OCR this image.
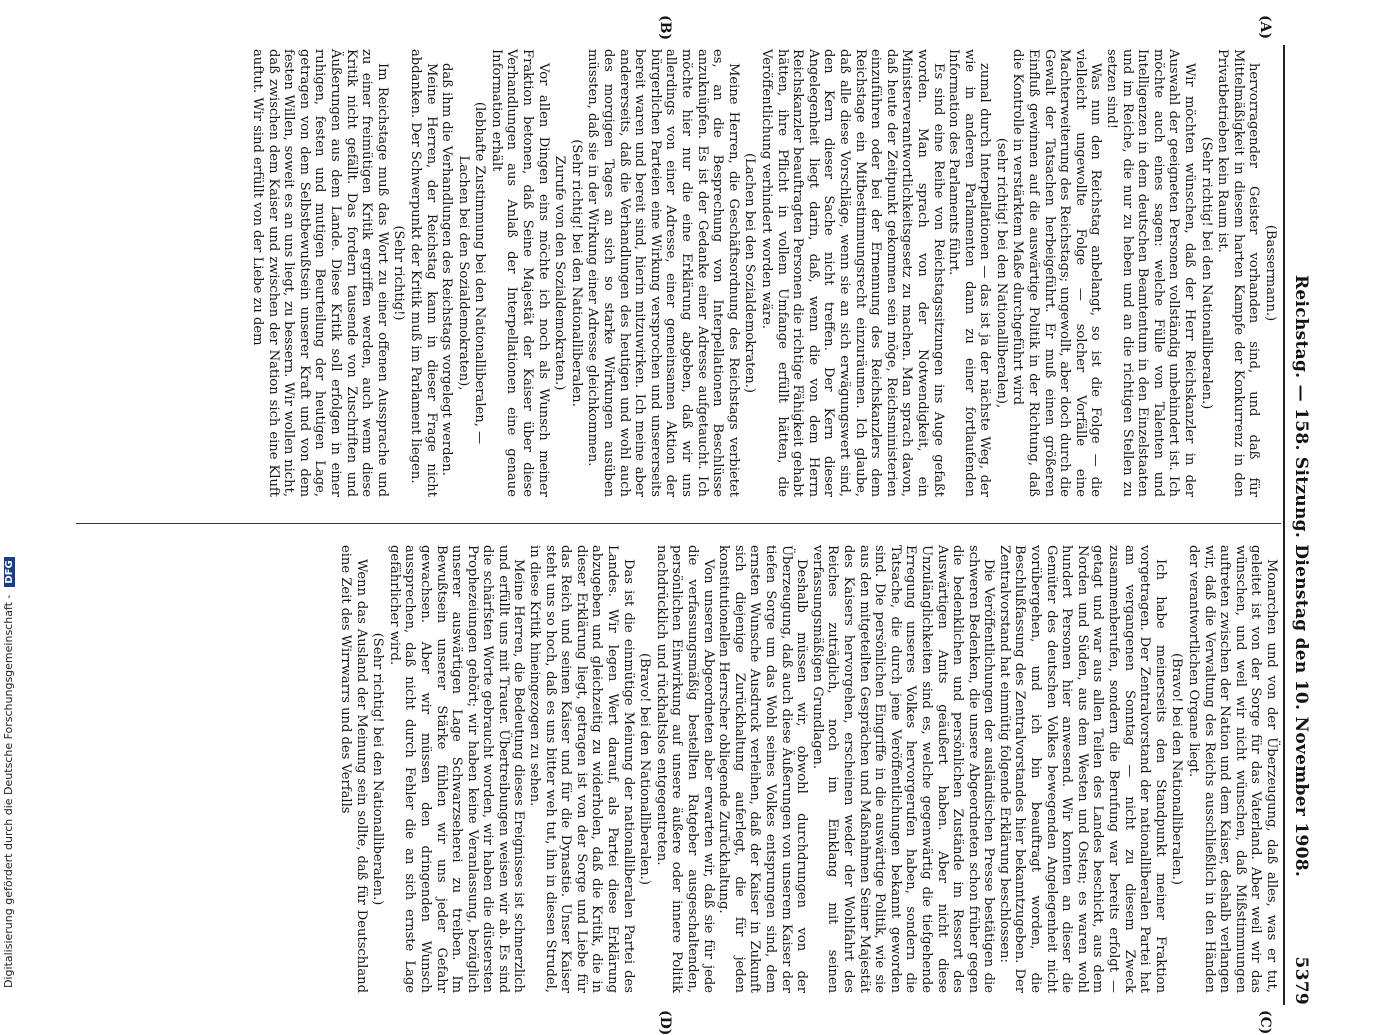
Digitalisierung gefördert durch die Deutsche Forschungsgemeinschaft -DFG	Reichstag. — 158. Sitzung. Dienstag den 10. November 1908.
5379
(A)
(B)
(C)
(D)

(Bassermann.)

hervorragender Geister vorhanden sind, und daß für Mittelmäßigkeit in diesem harten Kampfe der Konkurrenz in den Privatbetrieben kein Raum ist.

(Sehr richtig! bei den Nationalliberalen.)

Wir möchten wünschen, daß der Herr Reichskanzler in der Auswahl der geeigneten Personen vollständig unbehindert ist. Ich möchte auch eines sagen: welche Fülle von Talenten und Intelligenzen in dem deutschen Beamtentum in den Einzelstaaten und im Reiche, die nur zu heben und an die richtigen Stellen zu setzen sind!

Was nun den Reichstag anbelangt, so ist die Folge — die vielleicht ungewollte Folge — solcher Vorfälle eine Machterweiterung des Reichstags; ungewollt, aber doch durch die Gewalt der Tatsachen herbeigeführt. Er muß einen größeren Einfluß gewinnen auf die auswärtige Politik in der Richtung, daß die Kontrolle in verstärktem Maße durchgeführt wird

(sehr richtig! bei den Nationalliberalen),

zumal durch Interpellationen — das ist ja der nächste Weg, der wie in anderen Parlamenten dann zu einer fortlaufenden Information des Parlaments führt.

Es sind eine Reihe von Reichstagssitzungen ins Auge gefaßt worden. Man sprach von der Notwendigkeit, ein Ministerverantwortlichkeitsgesetz zu machen. Man sprach davon, daß heute der Zeitpunkt gekommen sein möge, Reichsministerien einzuführen oder bei der Ernennung des Reichskanzlers dem Reichstage ein Mitbestimmungsrecht einzuräumen. Ich glaube, daß alle diese Vorschläge, wenn sie an sich erwägungswert sind, den Kern dieser Sache nicht treffen. Der Kern dieser Angelegenheit liegt darin, daß, wenn die von dem Herrn Reichskanzler beauftragten Personen die richtige Fähigkeit gehabt hätten, ihre Pflicht in vollem Umfange erfüllt hätten, die Veröffentlichung verhindert worden wäre.

(Lachen bei den Sozialdemokraten.)

Meine Herren, die Geschäftsordnung des Reichstags verbietet es, an die Besprechung von Interpellationen Beschlüsse anzuknüpfen. Es ist der Gedanke einer Adresse aufgetaucht. Ich möchte hier nur die eine Erklärung abgeben, daß wir uns allerdings von einer Adresse, einer gemeinsamen Aktion der bürgerlichen Parteien eine Wirkung versprochen und unsererseits bereit waren und bereit sind, hierin mitzuwirken. Ich meine aber andererseits, daß die Verhandlungen des heutigen und wohl auch des morgigen Tages an sich so starke Wirkungen ausüben müssten, daß sie in der Wirkung einer Adresse gleichkommen.

(Sehr richtig! bei den Nationalliberalen.

Zurufe von den Sozialdemokraten.)

Vor allen Dingen eins möchte ich noch als Wunsch meiner Fraktion betonen, daß Seine Majestät der Kaiser über diese Verhandlungen aus Anlaß der Interpellationen eine genaue Information erhält

(lebhafte Zustimmung bei den Nationalliberalen, —

Lachen bei den Sozialdemokraten),

daß ihm die Verhandlungen des Reichstags vorgelegt werden.

Meine Herren, der Reichstag kann in dieser Frage nicht abdanken. Der Schwerpunkt der Kritik muß im Parlament liegen.

(Sehr richtig!)

Im Reichstage muß das Wort zu einer offenen Aussprache und zu einer freimütigen Kritik ergriffen werden, auch wenn diese Kritik nicht gefällt. Das fordern tausende von Zuschriften und Äußerungen aus dem Lande. Diese Kritik soll erfolgen in einer ruhigen, festen und mutigen Beurteilung der heutigen Lage, getragen von dem Selbstbewußtsein unserer Kraft und von dem festen Willen, soweit es an uns liegt, zu bessern. Wir wollen nicht, daß zwischen dem Kaiser und zwischen der Nation sich eine Kluft auftut. Wir sind erfüllt von der Liebe zu dem

Monarchen und von der Überzeugung, daß alles, was er tut, geleitet ist von der Sorge für das Vaterland. Aber weil wir das wünschen, und weil wir nicht wünschen, daß Mißstimmungen auftreten zwischen der Nation und dem Kaiser, deshalb verlangen wir, daß die Verwaltung des Reichs ausschließlich in den Händen der verantwortlichen Organe liegt.

(Bravo! bei den Nationalliberalen.)

Ich habe meinerseits den Standpunkt meiner Fraktion vorgetragen. Der Zentralvorstand der nationalliberalen Partei hat am vergangenen Sonntag — nicht zu diesem Zweck zusammenberufen, sondern die Berufung war bereits erfolgt — getagt und war aus allen Teilen des Landes beschickt, aus dem Norden und Süden, aus dem Westen und Osten; es waren wohl hundert Personen hier anwesend. Wir konnten an dieser die Gemüter des deutschen Volkes bewegenden Angelegenheit nicht vorübergehen, und ich bin beauftragt worden, die Beschlußfassung des Zentralvorstandes hier bekanntzugeben. Der Zentralvorstand hat einmütig folgende Erklärung beschlossen:

Die Veröffentlichungen der ausländischen Presse bestätigen die schweren Bedenken, die unsere Abgeordneten schon früher gegen die bedenklichen und persönlichen Zustände im Ressort des Auswärtigen Amts geäußert haben. Aber nicht diese Unzulänglichkeiten sind es, welche gegenwärtig die tiefgehende Erregung unseres Volkes hervorgerufen haben, sondern die Tatsache, die durch jene Veröffentlichungen bekannt geworden sind. Die persönlichen Eingriffe in die auswärtige Politik, wie sie aus den mitgeteilten Gesprächen und Maßnahmen Seiner Majestät des Kaisers hervorgehen, erscheinen weder der Wohlfahrt des Reiches zuträglich, noch im Einklang mit seinen verfassungsmäßigen Grundlagen.

Deshalb müssen wir, obwohl durchdrungen von der Überzeugung, daß auch diese Äußerungen von unserem Kaiser der tiefen Sorge um das Wohl seines Volkes entsprungen sind, dem ernsten Wunsche Ausdruck verleihen, daß der Kaiser in Zukunft sich diejenige Zurückhaltung auferlegt, die für jeden konstitutionellen Herrscher obliegende Zurückhaltung.

Von unseren Abgeordneten aber erwarten wir, daß sie für jede die verfassungsmäßig bestellten Ratgeber ausgeschaltenden, persönlichen Einwirkung auf unsere äußere oder innere Politik nachdrücklich und rückhaltslos entgegentreten.

(Bravo! bei den Nationalliberalen.)

Das ist die einmütige Meinung der nationalliberalen Partei des Landes. Wir legen Wert darauf, als Partei diese Erklärung abzugeben und gleichzeitig zu widerholen, daß die Kritik, die in dieser Erklärung liegt, getragen ist von der Sorge und Liebe für das Reich und seinen Kaiser und für die Dynastie. Unser Kaiser steht uns so hoch, daß es uns bitter weh tut, ihn in diesen Strudel, in diese Kritik hineingezogen zu sehen.

Meine Herren, die Bedeutung dieses Ereignisses ist schmerzlich und erfüllt uns mit Trauer. Übertreibungen weisen wir ab. Es sind die schärfsten Worte gebraucht worden, wir haben die düstersten Prophezeiungen gehört; wir haben keine Veranlassung, bezüglich unserer auswärtigen Lage Schwarzseherei zu treiben. Im Bewußtsein unserer Stärke fühlen wir uns jeder Gefahr gewachsen. Aber wir müssen den dringenden Wunsch aussprechen, daß nicht durch Fehler die an sich ernste Lage gefährlicher wird.

(Sehr richtig! bei den Nationalliberalen.)

Wenn das Ausland der Meinung sein sollte, daß für Deutschland eine Zeit des Wirrwarrs und des Verfalls
